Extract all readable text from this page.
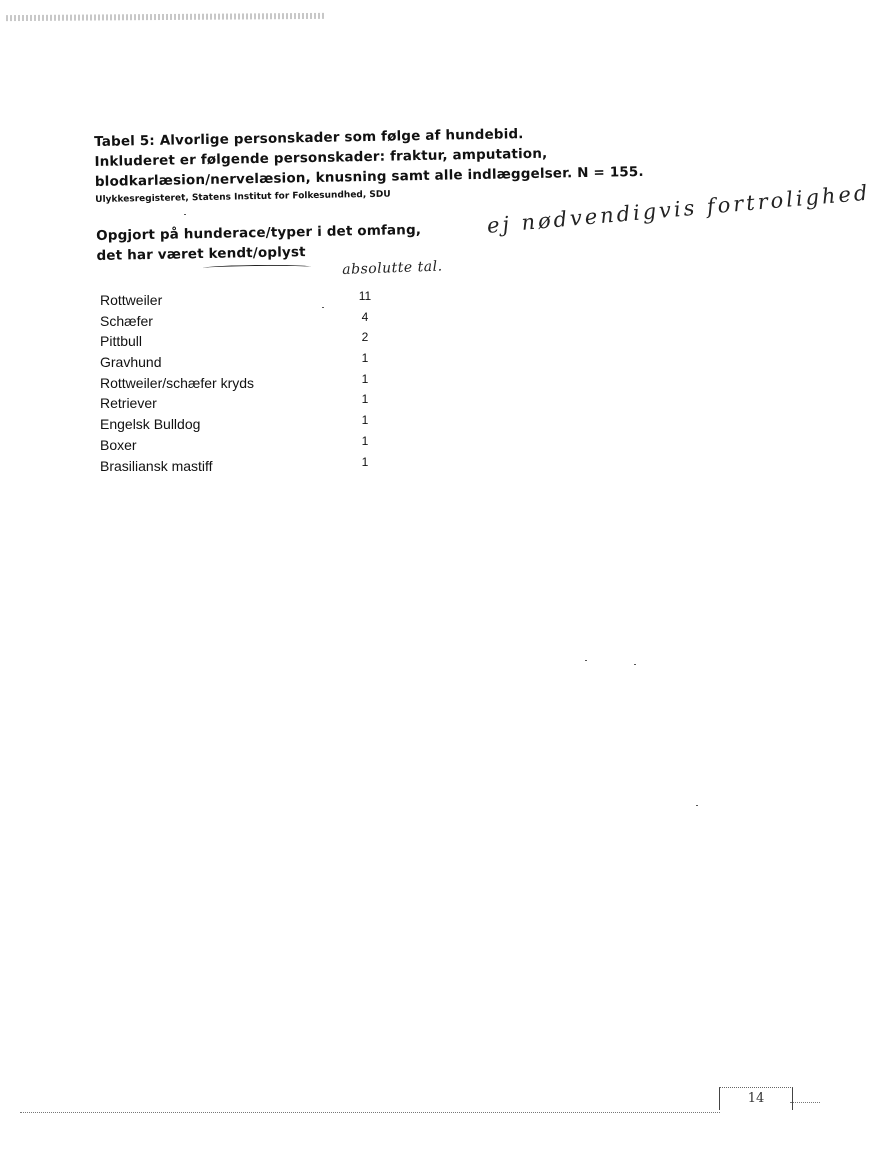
Tabel 5: Alvorlige personskader som følge af hundebid.
Inkluderet er følgende personskader: fraktur, amputation,
blodkarlæsion/nervelæsion, knusning samt alle indlæggelser. N = 155.
Ulykkesregisteret, Statens Institut for Folkesundhed, SDU
Opgjort på hunderace/typer i det omfang,
det har været kendt/oplyst
ej nødvendigvis fortrolighed
absolutte tal.
Rottweiler	11
Schæfer	4
Pittbull	2
Gravhund	1
Rottweiler/schæfer kryds	1
Retriever	1
Engelsk Bulldog	1
Boxer	1
Brasiliansk mastiff	1
14
